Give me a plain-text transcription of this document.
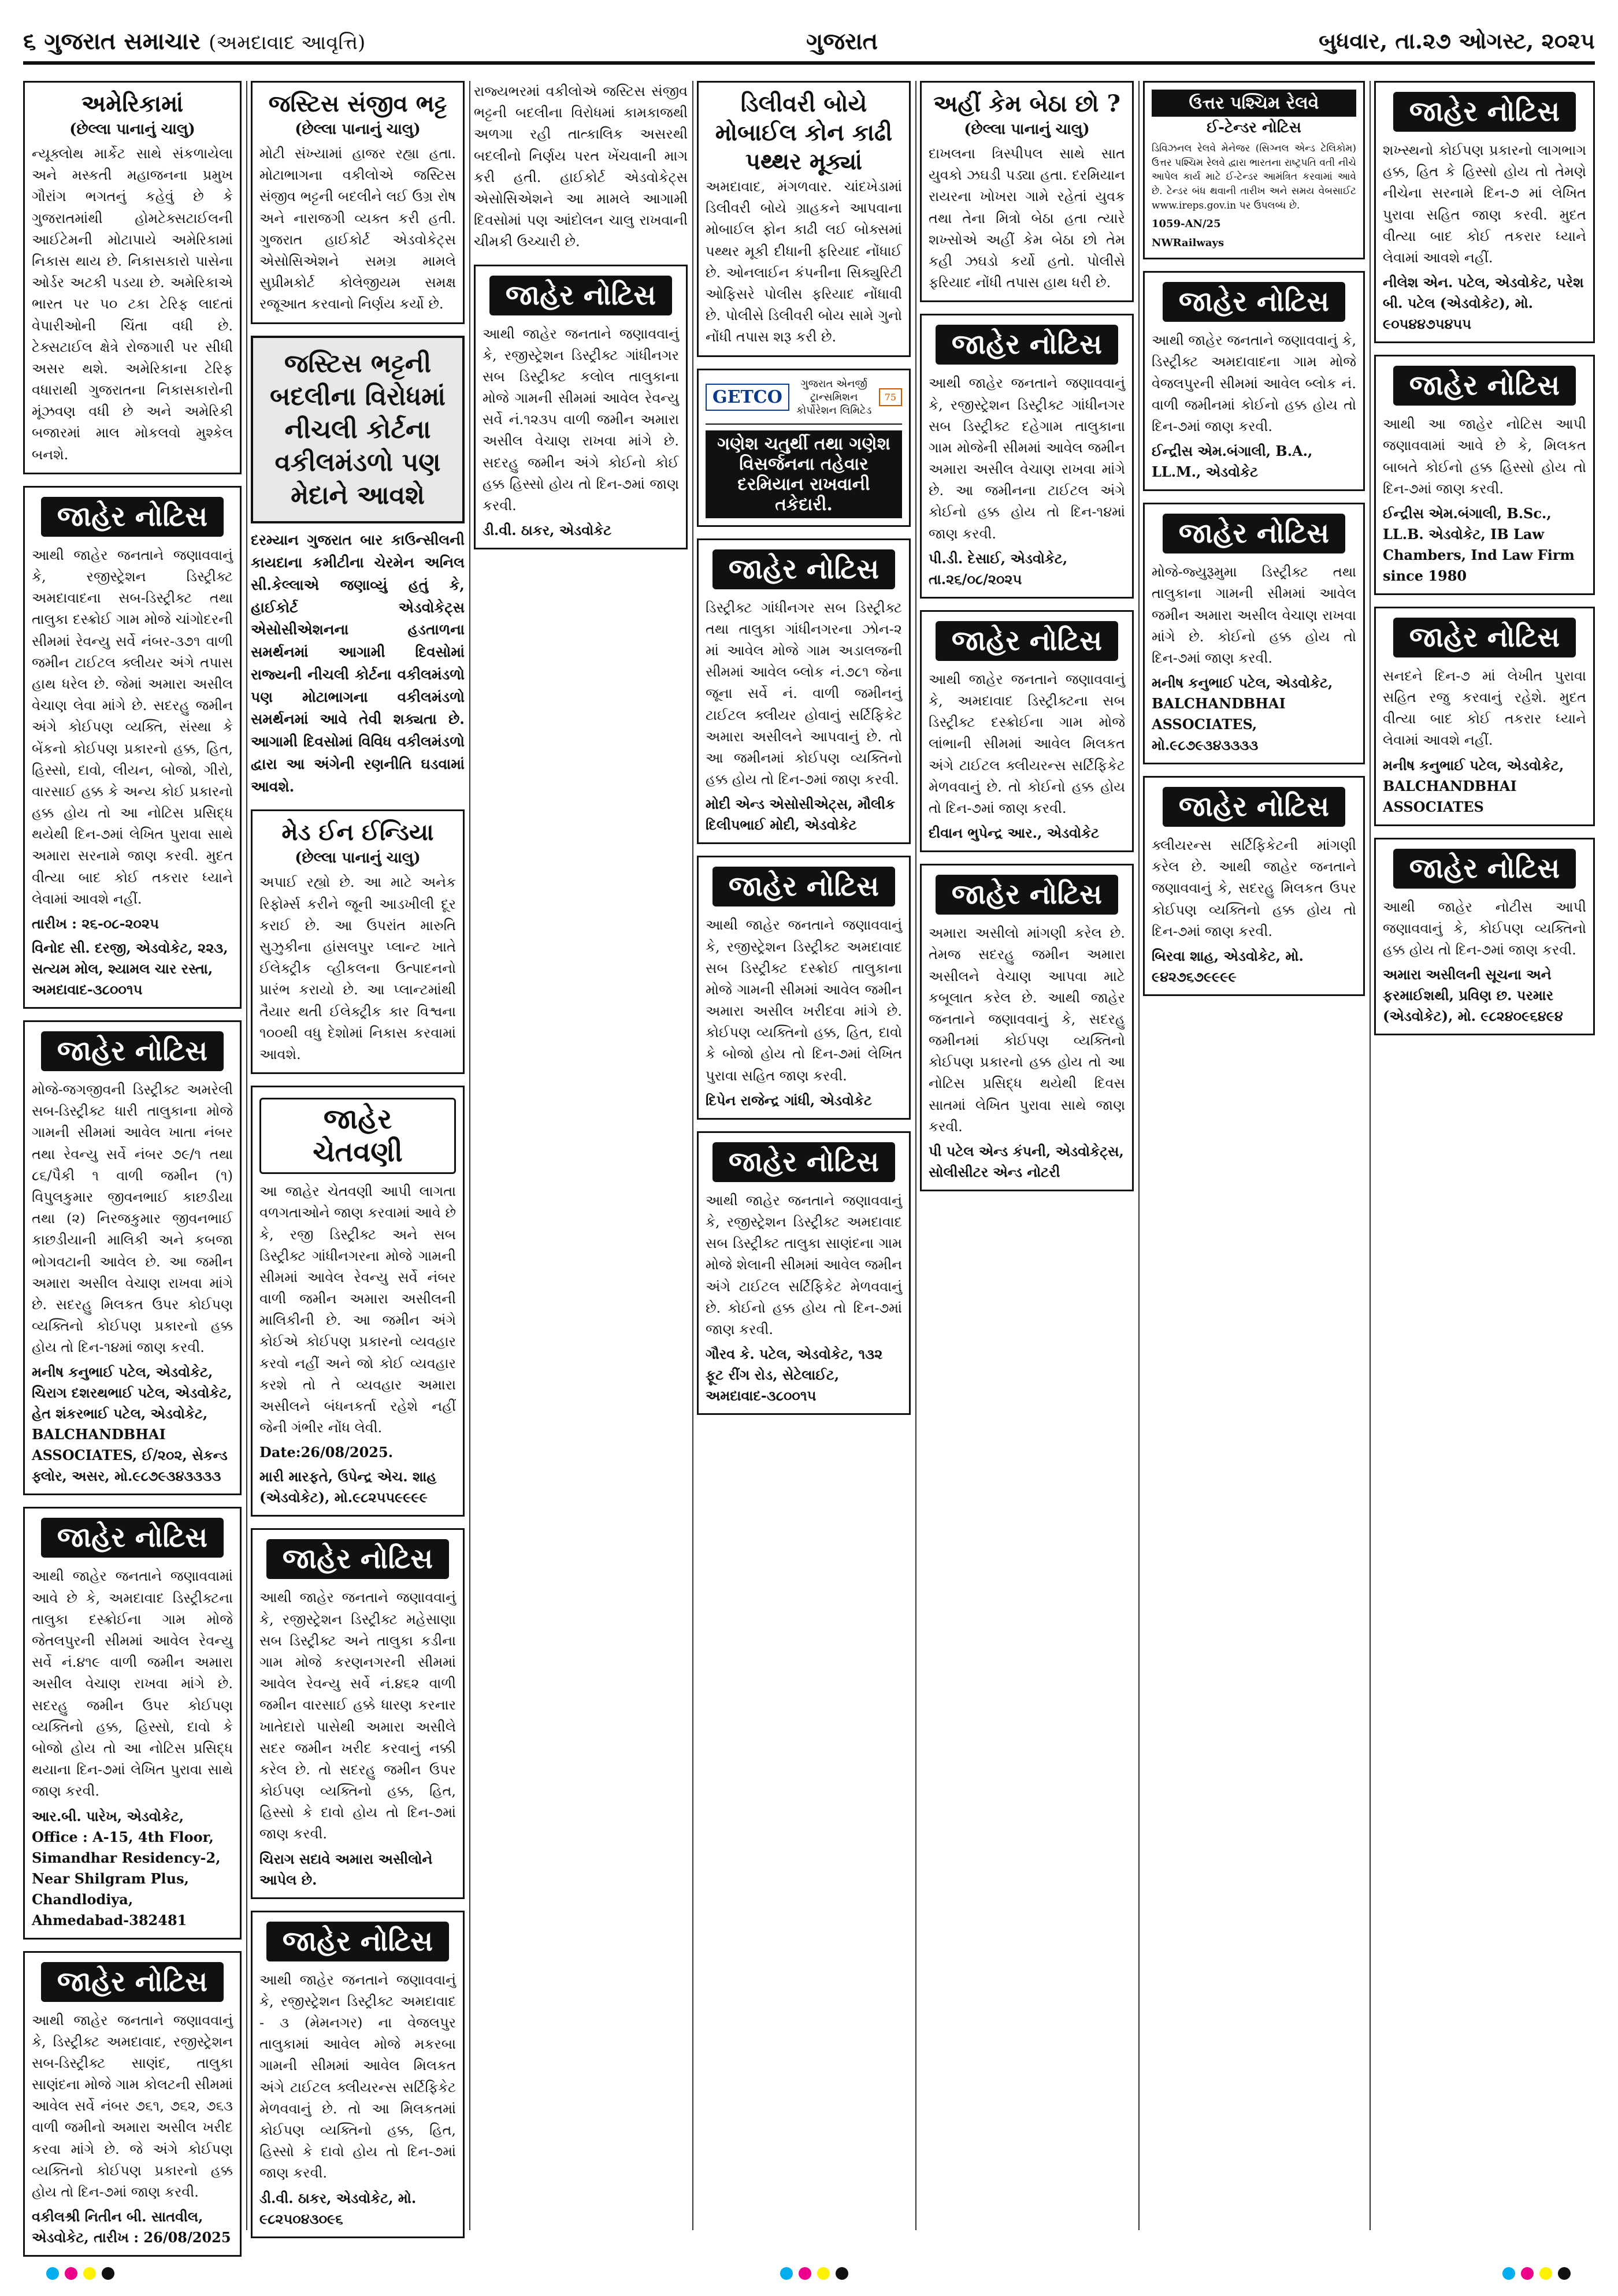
૬ ગુજરાત સમાચાર (અમદાવાદ આવૃત્તિ)	ગુજરાત	બુધવાર, તા.૨૭ ઓગસ્ટ, ૨૦૨૫
અમેરિકામાં
(છેલ્લા પાનાનું ચાલુ)
ન્યૂક્લોથ માર્કેટ સાથે સંકળાયેલા અને મસ્કતી મહાજનના પ્રમુખ ગૌરાંગ ભગતનું કહેવું છે કે ગુજરાતમાંથી હોમટેક્સટાઈલની આઈટેમની મોટાપાયે અમેરિકામાં નિકાસ થાય છે. નિકાસકારો પાસેના ઓર્ડર અટકી પડયા છે. અમેરિકાએ ભારત પર ૫૦ ટકા ટેરિફ લાદતાં વેપારીઓની ચિંતા વધી છે. ટેક્સટાઈલ ક્ષેત્રે રોજગારી પર સીધી અસર થશે. અમેરિકાના ટેરિફ વધારાથી ગુજરાતના નિકાસકારોની મૂંઝવણ વધી છે અને અમેરિકી બજારમાં માલ મોકલવો મુશ્કેલ બનશે.
જાહેર નોટિસ
આથી જાહેર જનતાને જણાવવાનું કે, રજીસ્ટ્રેશન ડિસ્ટ્રીક્ટ અમદાવાદના સબ-ડિસ્ટ્રીક્ટ તથા તાલુકા દસ્ક્રોઈ ગામ મોજે ચાંગોદરની સીમમાં રેવન્યુ સર્વે નંબર-૩૭૧ વાળી જમીન ટાઈટલ ક્લીયર અંગે તપાસ હાથ ધરેલ છે. જેમાં અમારા અસીલ વેચાણ લેવા માંગે છે. સદરહુ જમીન અંગે કોઈપણ વ્યક્તિ, સંસ્થા કે બેંકનો કોઈપણ પ્રકારનો હક્ક, હિત, હિસ્સો, દાવો, લીયન, બોજો, ગીરો, વારસાઈ હક્ક કે અન્ય કોઈ પ્રકારનો હક્ક હોય તો આ નોટિસ પ્રસિદ્ધ થયેથી દિન-૭માં લેખિત પુરાવા સાથે અમારા સરનામે જાણ કરવી. મુદત વીત્યા બાદ કોઈ તકરાર ધ્યાને લેવામાં આવશે નહીં.
તારીખ : ૨૬-૦૮-૨૦૨૫
વિનોદ સી. દરજી, એડવોકેટ, ૨૨૩, સત્યમ મોલ, શ્યામલ ચાર રસ્તા, અમદાવાદ-૩૮૦૦૧૫
જાહેર નોટિસ
મોજે-જગજીવની ડિસ્ટ્રીક્ટ અમરેલી સબ-ડિસ્ટ્રીક્ટ ધારી તાલુકાના મોજે ગામની સીમમાં આવેલ ખાતા નંબર તથા રેવન્યુ સર્વે નંબર ૭૯/૧ તથા ૮૬/પૈકી ૧ વાળી જમીન (૧) વિપુલકુમાર જીવનભાઈ કાછડીયા તથા (૨) નિરજકુમાર જીવનભાઈ કાછડીયાની માલિકી અને કબજા ભોગવટાની આવેલ છે. આ જમીન અમારા અસીલ વેચાણ રાખવા માંગે છે. સદરહુ મિલકત ઉપર કોઈપણ વ્યક્તિનો કોઈપણ પ્રકારનો હક્ક હોય તો દિન-૧૪માં જાણ કરવી.
મનીષ કનુભાઈ પટેલ, એડવોકેટ, ચિરાગ દશરથભાઈ પટેલ, એડવોકેટ, હેત શંકરભાઈ પટેલ, એડવોકેટ, BALCHANDBHAI ASSOCIATES, ઈ/૨૦૨, સેકન્ડ ફ્લોર, અસર, મો.૯૮૭૯૩૪૩૩૩૩
જાહેર નોટિસ
આથી જાહેર જનતાને જણાવવામાં આવે છે કે, અમદાવાદ ડિસ્ટ્રીક્ટના તાલુકા દસ્ક્રોઈના ગામ મોજે જેતલપુરની સીમમાં આવેલ રેવન્યુ સર્વે નં.૪૧૯ વાળી જમીન અમારા અસીલ વેચાણ રાખવા માંગે છે. સદરહુ જમીન ઉપર કોઈપણ વ્યક્તિનો હક્ક, હિસ્સો, દાવો કે બોજો હોય તો આ નોટિસ પ્રસિદ્ધ થયાના દિન-૭માં લેખિત પુરાવા સાથે જાણ કરવી.
આર.બી. પારેખ, એડવોકેટ, Office : A-15, 4th Floor, Simandhar Residency-2, Near Shilgram Plus, Chandlodiya, Ahmedabad-382481
જાહેર નોટિસ
આથી જાહેર જનતાને જણાવવાનું કે, ડિસ્ટ્રીક્ટ અમદાવાદ, રજીસ્ટ્રેશન સબ-ડિસ્ટ્રીક્ટ સાણંદ, તાલુકા સાણંદના મોજે ગામ કોલટની સીમમાં આવેલ સર્વે નંબર ૭૬૧, ૭૬૨, ૭૬૩ વાળી જમીનો અમારા અસીલ ખરીદ કરવા માંગે છે. જે અંગે કોઈપણ વ્યક્તિનો કોઈપણ પ્રકારનો હક્ક હોય તો દિન-૭માં જાણ કરવી.
વકીલશ્રી નિતીન બી. સાતવીલ, એડવોકેટ, તારીખ : 26/08/2025
જસ્ટિસ સંજીવ ભટ્ટ
(છેલ્લા પાનાનું ચાલુ)
મોટી સંખ્યામાં હાજર રહ્યા હતા. મોટાભાગના વકીલોએ જસ્ટિસ સંજીવ ભટ્ટની બદલીને લઈ ઉગ્ર રોષ અને નારાજગી વ્યક્ત કરી હતી. ગુજરાત હાઈકોર્ટ એડવોકેટ્સ એસોસિએશને સમગ્ર મામલે સુપ્રીમકોર્ટ કોલેજીયમ સમક્ષ રજૂઆત કરવાનો નિર્ણય કર્યો છે.
જસ્ટિસ ભટ્ટની બદલીના વિરોધમાં નીચલી કોર્ટના વકીલમંડળો પણ મેદાને આવશે
દરમ્યાન ગુજરાત બાર કાઉન્સીલની કાયદાના કમીટીના ચેરમેન અનિલ સી.કેલ્લાએ જણાવ્યું હતું કે, હાઈકોર્ટ એડવોકેટ્સ એસોસીએશનના હડતાળના સમર્થનમાં આગામી દિવસોમાં રાજ્યની નીચલી કોર્ટના વકીલમંડળો પણ મોટાભાગના વકીલમંડળો સમર્થનમાં આવે તેવી શક્યતા છે. આગામી દિવસોમાં વિવિધ વકીલમંડળો દ્વારા આ અંગેની રણનીતિ ઘડવામાં આવશે.
મેડ ઈન ઈન્ડિયા
(છેલ્લા પાનાનું ચાલુ)
અપાઈ રહ્યો છે. આ માટે અનેક રિફોર્મ્સ કરીને જૂની આડખીલી દૂર કરાઈ છે. આ ઉપરાંત મારુતિ સુઝુકીના હાંસલપુર પ્લાન્ટ ખાતે ઈલેક્ટ્રીક વ્હીકલના ઉત્પાદનનો પ્રારંભ કરાયો છે. આ પ્લાન્ટમાંથી તૈયાર થતી ઈલેક્ટ્રીક કાર વિશ્વના ૧૦૦થી વધુ દેશોમાં નિકાસ કરવામાં આવશે.
જાહેર ચેતવણી
આ જાહેર ચેતવણી આપી લાગતા વળગતાઓને જાણ કરવામાં આવે છે કે, રજી ડિસ્ટ્રીક્ટ અને સબ ડિસ્ટ્રીક્ટ ગાંધીનગરના મોજે ગામની સીમમાં આવેલ રેવન્યુ સર્વે નંબર વાળી જમીન અમારા અસીલની માલિકીની છે. આ જમીન અંગે કોઈએ કોઈપણ પ્રકારનો વ્યવહાર કરવો નહીં અને જો કોઈ વ્યવહાર કરશે તો તે વ્યવહાર અમારા અસીલને બંધનકર્તા રહેશે નહીં જેની ગંભીર નોંધ લેવી.
Date:26/08/2025.
મારી મારફતે, ઉપેન્દ્ર એચ. શાહ (એડવોકેટ), મો.૯૮૨૫૫૯૯૯૯
જાહેર નોટિસ
આથી જાહેર જનતાને જણાવવાનું કે, રજીસ્ટ્રેશન ડિસ્ટ્રીક્ટ મહેસાણા સબ ડિસ્ટ્રીક્ટ અને તાલુકા કડીના ગામ મોજે કરણનગરની સીમમાં આવેલ રેવન્યુ સર્વે નં.૪૬૨ વાળી જમીન વારસાઈ હક્કે ધારણ કરનાર ખાતેદારો પાસેથી અમારા અસીલે સદર જમીન ખરીદ કરવાનું નક્કી કરેલ છે. તો સદરહુ જમીન ઉપર કોઈપણ વ્યક્તિનો હક્ક, હિત, હિસ્સો કે દાવો હોય તો દિન-૭માં જાણ કરવી.
ચિરાગ સદાવે અમારા અસીલોને આપેલ છે.
જાહેર નોટિસ
આથી જાહેર જનતાને જણાવવાનું કે, રજીસ્ટ્રેશન ડિસ્ટ્રીક્ટ અમદાવાદ - ૩ (મેમનગર) ના વેજલપુર તાલુકામાં આવેલ મોજે મકરબા ગામની સીમમાં આવેલ મિલકત અંગે ટાઈટલ ક્લીયરન્સ સર્ટિફિકેટ મેળવવાનું છે. તો આ મિલકતમાં કોઈપણ વ્યક્તિનો હક્ક, હિત, હિસ્સો કે દાવો હોય તો દિન-૭માં જાણ કરવી.
ડી.વી. ઠાકર, એડવોકેટ, મો. ૯૮૨૫૦૪૩૦૯૬
રાજ્યભરમાં વકીલોએ જસ્ટિસ સંજીવ ભટ્ટની બદલીના વિરોધમાં કામકાજથી અળગા રહી તાત્કાલિક અસરથી બદલીનો નિર્ણય પરત ખેંચવાની માગ કરી હતી. હાઈકોર્ટ એડવોકેટ્સ એસોસિએશને આ મામલે આગામી દિવસોમાં પણ આંદોલન ચાલુ રાખવાની ચીમકી ઉચ્ચારી છે.
જાહેર નોટિસ
આથી જાહેર જનતાને જણાવવાનું કે, રજીસ્ટ્રેશન ડિસ્ટ્રીક્ટ ગાંધીનગર સબ ડિસ્ટ્રીક્ટ કલોલ તાલુકાના મોજે ગામની સીમમાં આવેલ રેવન્યુ સર્વે નં.૧૨૩૫ વાળી જમીન અમારા અસીલ વેચાણ રાખવા માંગે છે. સદરહુ જમીન અંગે કોઈનો કોઈ હક્ક હિસ્સો હોય તો દિન-૭માં જાણ કરવી.
ડી.વી. ઠાકર, એડવોકેટ
ડિલીવરી બોયે મોબાઈલ કોન કાઢી પથ્થર મૂક્યાં
અમદાવાદ, મંગળવાર. ચાંદખેડામાં ડિલીવરી બોયે ગ્રાહકને આપવાના મોબાઈલ ફોન કાઢી લઈ બોક્સમાં પથ્થર મૂકી દીધાની ફરિયાદ નોંધાઈ છે. ઓનલાઈન કંપનીના સિક્યુરિટી ઓફિસરે પોલીસ ફરિયાદ નોંધાવી છે. પોલીસે ડિલીવરી બોય સામે ગુનો નોંધી તપાસ શરૂ કરી છે.
GETCO
ગુજરાત એનર્જી ટ્રાન્સમિશન કોર્પોરેશન લિમિટેડ
75
ગણેશ ચતુર્થી તથા ગણેશ વિસર્જનના તહેવાર દરમિયાન રાખવાની તકેદારી.
જાહેર નોટિસ
ડિસ્ટ્રીક્ટ ગાંધીનગર સબ ડિસ્ટ્રીક્ટ તથા તાલુકા ગાંધીનગરના ઝોન-૨ માં આવેલ મોજે ગામ અડાલજની સીમમાં આવેલ બ્લોક નં.૭૮૧ જેના જૂના સર્વે નં. વાળી જમીનનું ટાઈટલ ક્લીયર હોવાનું સર્ટિફિકેટ અમારા અસીલને આપવાનું છે. તો આ જમીનમાં કોઈપણ વ્યક્તિનો હક્ક હોય તો દિન-૭માં જાણ કરવી.
મોદી એન્ડ એસોસીએટ્સ, મૌલીક દિલીપભાઈ મોદી, એડવોકેટ
જાહેર નોટિસ
આથી જાહેર જનતાને જણાવવાનું કે, રજીસ્ટ્રેશન ડિસ્ટ્રીક્ટ અમદાવાદ સબ ડિસ્ટ્રીક્ટ દસ્ક્રોઈ તાલુકાના મોજે ગામની સીમમાં આવેલ જમીન અમારા અસીલ ખરીદવા માંગે છે. કોઈપણ વ્યક્તિનો હક્ક, હિત, દાવો કે બોજો હોય તો દિન-૭માં લેખિત પુરાવા સહિત જાણ કરવી.
દિપેન રાજેન્દ્ર ગાંધી, એડવોકેટ
જાહેર નોટિસ
આથી જાહેર જનતાને જણાવવાનું કે, રજીસ્ટ્રેશન ડિસ્ટ્રીક્ટ અમદાવાદ સબ ડિસ્ટ્રીક્ટ તાલુકા સાણંદના ગામ મોજે શેલાની સીમમાં આવેલ જમીન અંગે ટાઈટલ સર્ટિફિકેટ મેળવવાનું છે. કોઈનો હક્ક હોય તો દિન-૭માં જાણ કરવી.
ગૌરવ કે. પટેલ, એડવોકેટ, ૧૩૨ ફૂટ રીંગ રોડ, સેટેલાઈટ, અમદાવાદ-૩૮૦૦૧૫
અહીં કેમ બેઠા છો ?
(છેલ્લા પાનાનું ચાલુ)
દાખલના ત્રિસ્પીપલ સાથે સાત યુવકો ઝઘડી પડ્યા હતા. દરમિયાન રાયરના ખોખરા ગામે રહેતાં યુવક તથા તેના મિત્રો બેઠા હતા ત્યારે શખ્સોએ અહીં કેમ બેઠા છો તેમ કહી ઝઘડો કર્યો હતો. પોલીસે ફરિયાદ નોંધી તપાસ હાથ ધરી છે.
જાહેર નોટિસ
આથી જાહેર જનતાને જણાવવાનું કે, રજીસ્ટ્રેશન ડિસ્ટ્રીક્ટ ગાંધીનગર સબ ડિસ્ટ્રીક્ટ દહેગામ તાલુકાના ગામ મોજેની સીમમાં આવેલ જમીન અમારા અસીલ વેચાણ રાખવા માંગે છે. આ જમીનના ટાઈટલ અંગે કોઈનો હક્ક હોય તો દિન-૧૪માં જાણ કરવી.
પી.ડી. દેસાઈ, એડવોકેટ, તા.૨૬/૦૮/૨૦૨૫
જાહેર નોટિસ
આથી જાહેર જનતાને જણાવવાનું કે, અમદાવાદ ડિસ્ટ્રીક્ટના સબ ડિસ્ટ્રીક્ટ દસ્ક્રોઈના ગામ મોજે લાંભાની સીમમાં આવેલ મિલકત અંગે ટાઈટલ ક્લીયરન્સ સર્ટિફિકેટ મેળવવાનું છે. તો કોઈનો હક્ક હોય તો દિન-૭માં જાણ કરવી.
દીવાન ભુપેન્દ્ર આર., એડવોકેટ
જાહેર નોટિસ
અમારા અસીલો માંગણી કરેલ છે. તેમજ સદરહુ જમીન અમારા અસીલને વેચાણ આપવા માટે કબૂલાત કરેલ છે. આથી જાહેર જનતાને જણાવવાનું કે, સદરહુ જમીનમાં કોઈપણ વ્યક્તિનો કોઈપણ પ્રકારનો હક્ક હોય તો આ નોટિસ પ્રસિદ્ધ થયેથી દિવસ સાતમાં લેખિત પુરાવા સાથે જાણ કરવી.
પી પટેલ એન્ડ કંપની, એડવોકેટ્સ, સોલીસીટર એન્ડ નોટરી
ઉત્તર પશ્ચિમ રેલવે
ઈ-ટેન્ડર નોટિસ
ડિવિઝનલ રેલવે મેનેજર (સિગ્નલ એન્ડ ટેલિકોમ) ઉત્તર પશ્ચિમ રેલવે દ્વારા ભારતના રાષ્ટ્રપતિ વતી નીચે આપેલ કાર્ય માટે ઈ-ટેન્ડર આમંત્રિત કરવામાં આવે છે. ટેન્ડર બંધ થવાની તારીખ અને સમય વેબસાઈટ www.ireps.gov.in પર ઉપલબ્ધ છે.
1059-AN/25
NWRailways
જાહેર નોટિસ
આથી જાહેર જનતાને જણાવવાનું કે, ડિસ્ટ્રીક્ટ અમદાવાદના ગામ મોજે વેજલપુરની સીમમાં આવેલ બ્લોક નં. વાળી જમીનમાં કોઈનો હક્ક હોય તો દિન-૭માં જાણ કરવી.
ઈન્દ્રીસ એમ.બંગાલી, B.A., LL.M., એડવોકેટ
જાહેર નોટિસ
મોજે-જ્યુરૂમુમા ડિસ્ટ્રીક્ટ તથા તાલુકાના ગામની સીમમાં આવેલ જમીન અમારા અસીલ વેચાણ રાખવા માંગે છે. કોઈનો હક્ક હોય તો દિન-૭માં જાણ કરવી.
મનીષ કનુભાઈ પટેલ, એડવોકેટ, BALCHANDBHAI ASSOCIATES, મો.૯૮૭૯૩૪૩૩૩૩
જાહેર નોટિસ
ક્લીયરન્સ સર્ટિફિકેટની માંગણી કરેલ છે. આથી જાહેર જનતાને જણાવવાનું કે, સદરહુ મિલકત ઉપર કોઈપણ વ્યક્તિનો હક્ક હોય તો દિન-૭માં જાણ કરવી.
બિરવા શાહ, એડવોકેટ, મો. ૯૪૨૭૬૭૯૯૯૯
જાહેર નોટિસ
શખ્સ્થનો કોઈપણ પ્રકારનો લાગભાગ હક્ક, હિત કે હિસ્સો હોય તો તેમણે નીચેના સરનામે દિન-૭ માં લેખિત પુરાવા સહિત જાણ કરવી. મુદત વીત્યા બાદ કોઈ તકરાર ધ્યાને લેવામાં આવશે નહીં.
નીલેશ એન. પટેલ, એડવોકેટ, પરેશ બી. પટેલ (એડવોકેટ), મો. ૯૦૫૪૪૭૫૪૫૫
જાહેર નોટિસ
આથી આ જાહેર નોટિસ આપી જણાવવામાં આવે છે કે, મિલકત બાબતે કોઈનો હક્ક હિસ્સો હોય તો દિન-૭માં જાણ કરવી.
ઈન્દ્રીસ એમ.બંગાલી, B.Sc., LL.B. એડવોકેટ, IB Law Chambers, Ind Law Firm since 1980
જાહેર નોટિસ
સનદને દિન-૭ માં લેખીત પુરાવા સહિત રજુ કરવાનું રહેશે. મુદત વીત્યા બાદ કોઈ તકરાર ધ્યાને લેવામાં આવશે નહીં.
મનીષ કનુભાઈ પટેલ, એડવોકેટ, BALCHANDBHAI ASSOCIATES
જાહેર નોટિસ
આથી જાહેર નોટીસ આપી જણાવવાનું કે, કોઈપણ વ્યક્તિનો હક્ક હોય તો દિન-૭માં જાણ કરવી.
અમારા અસીલની સૂચના અને ફરમાઈશથી, પ્રવિણ છ. પરમાર (એડવોકેટ), મો. ૯૮૨૪૦૯૬૪૯૪
